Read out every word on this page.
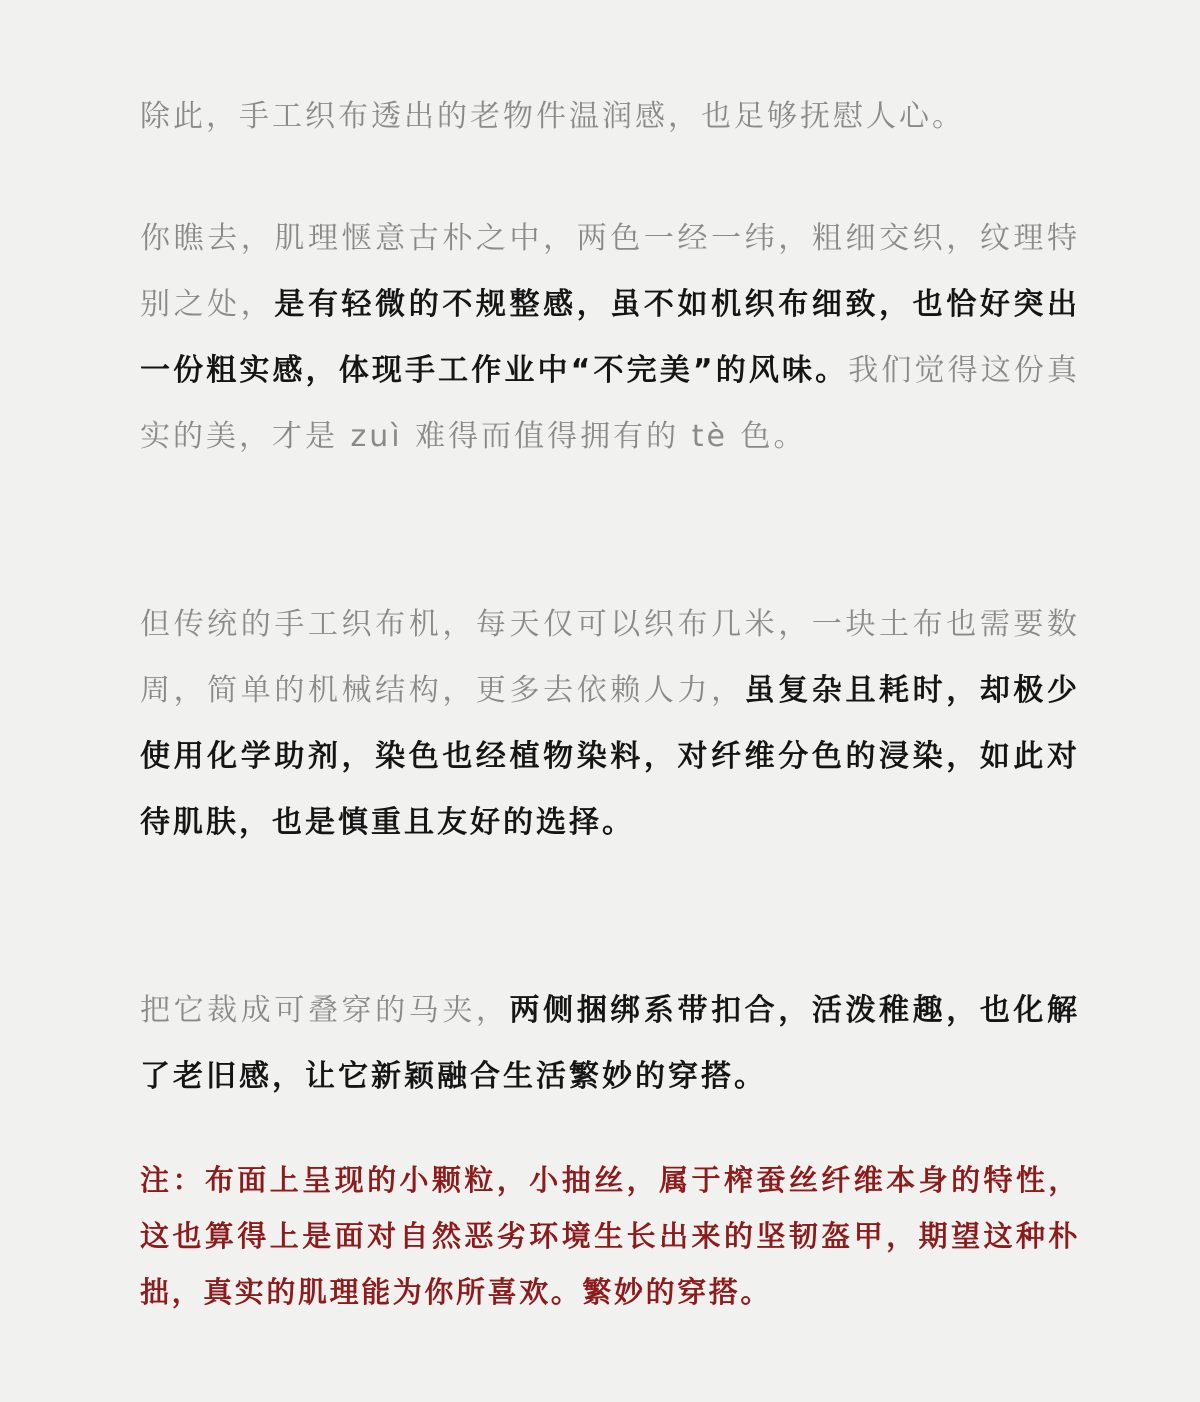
除此，手工织布透出的老物件温润感，也足够抚慰人心。

你瞧去，肌理惬意古朴之中，两色一经一纬，粗细交织，纹理特别之处，是有轻微的不规整感，虽不如机织布细致，也恰好突出一份粗实感，体现手工作业中“不完美”的风味。我们觉得这份真实的美，才是 zuì 难得而值得拥有的 tè 色。

但传统的手工织布机，每天仅可以织布几米，一块土布也需要数周，简单的机械结构，更多去依赖人力，虽复杂且耗时，却极少使用化学助剂，染色也经植物染料，对纤维分色的浸染，如此对待肌肤，也是慎重且友好的选择。

把它裁成可叠穿的马夹，两侧捆绑系带扣合，活泼稚趣，也化解了老旧感，让它新颖融合生活繁妙的穿搭。

注：布面上呈现的小颗粒，小抽丝，属于榨蚕丝纤维本身的特性，这也算得上是面对自然恶劣环境生长出来的坚韧盔甲，期望这种朴拙，真实的肌理能为你所喜欢。繁妙的穿搭。
